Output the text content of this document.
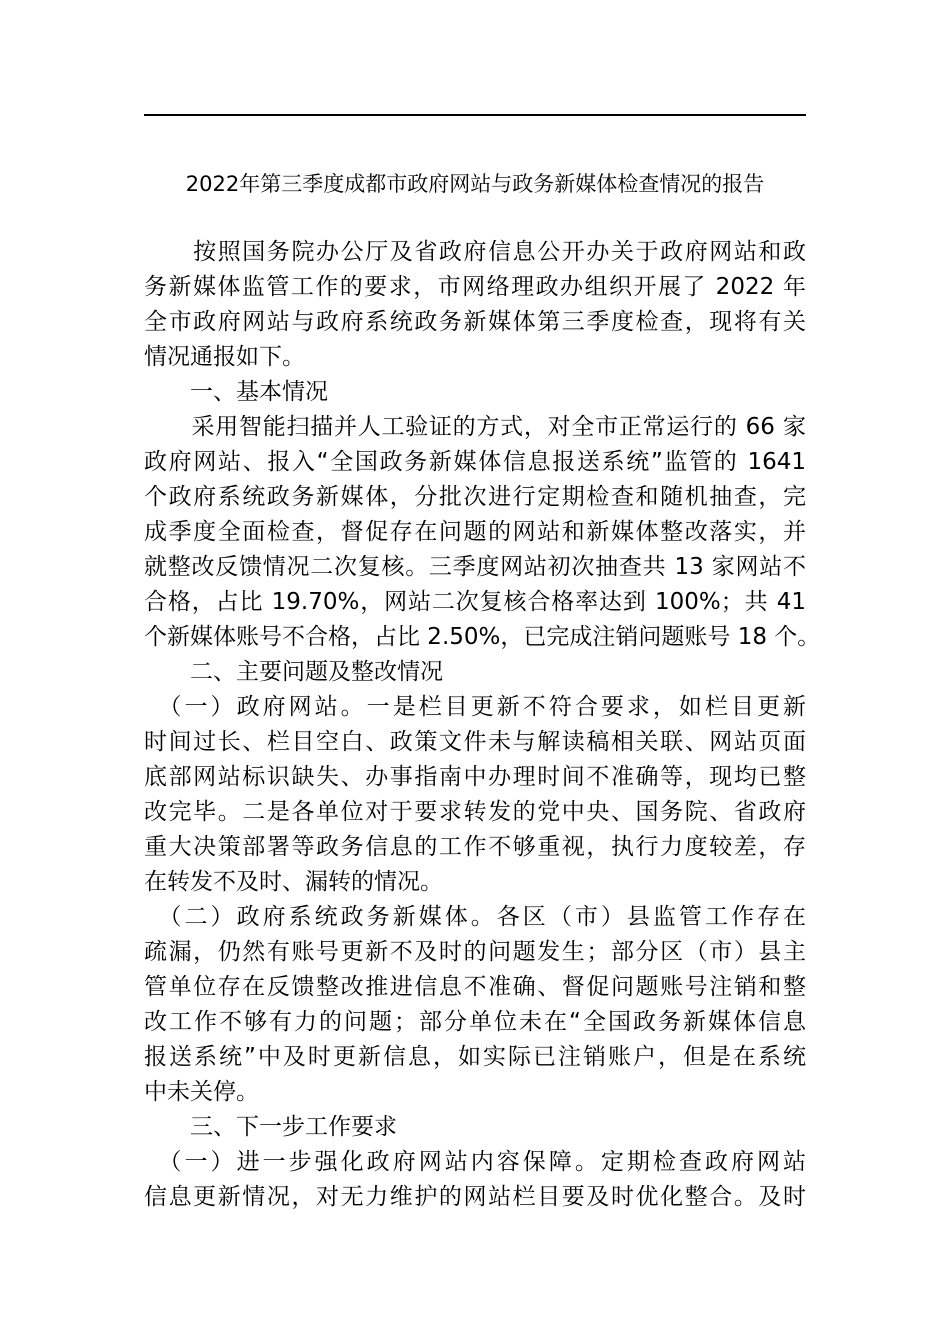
2022年第三季度成都市政府网站与政务新媒体检查情况的报告
　　按照国务院办公厅及省政府信息公开办关于政府网站和政
务新媒体监管工作的要求，市网络理政办组织开展了 2022 年
全市政府网站与政府系统政务新媒体第三季度检查，现将有关
情况通报如下。
　　一、基本情况
　　采用智能扫描并人工验证的方式，对全市正常运行的 66 家
政府网站、报入“全国政务新媒体信息报送系统”监管的 1641
个政府系统政务新媒体，分批次进行定期检查和随机抽查，完
成季度全面检查，督促存在问题的网站和新媒体整改落实，并
就整改反馈情况二次复核。三季度网站初次抽查共 13 家网站不
合格，占比 19.70%，网站二次复核合格率达到 100%；共 41
个新媒体账号不合格，占比 2.50%，已完成注销问题账号 18 个。
　　二、主要问题及整改情况
　（一）政府网站。一是栏目更新不符合要求，如栏目更新
时间过长、栏目空白、政策文件未与解读稿相关联、网站页面
底部网站标识缺失、办事指南中办理时间不准确等，现均已整
改完毕。二是各单位对于要求转发的党中央、国务院、省政府
重大决策部署等政务信息的工作不够重视，执行力度较差，存
在转发不及时、漏转的情况。
　（二）政府系统政务新媒体。各区（市）县监管工作存在
疏漏，仍然有账号更新不及时的问题发生；部分区（市）县主
管单位存在反馈整改推进信息不准确、督促问题账号注销和整
改工作不够有力的问题；部分单位未在“全国政务新媒体信息
报送系统”中及时更新信息，如实际已注销账户，但是在系统
中未关停。
　　三、下一步工作要求
　（一）进一步强化政府网站内容保障。定期检查政府网站
信息更新情况，对无力维护的网站栏目要及时优化整合。及时
